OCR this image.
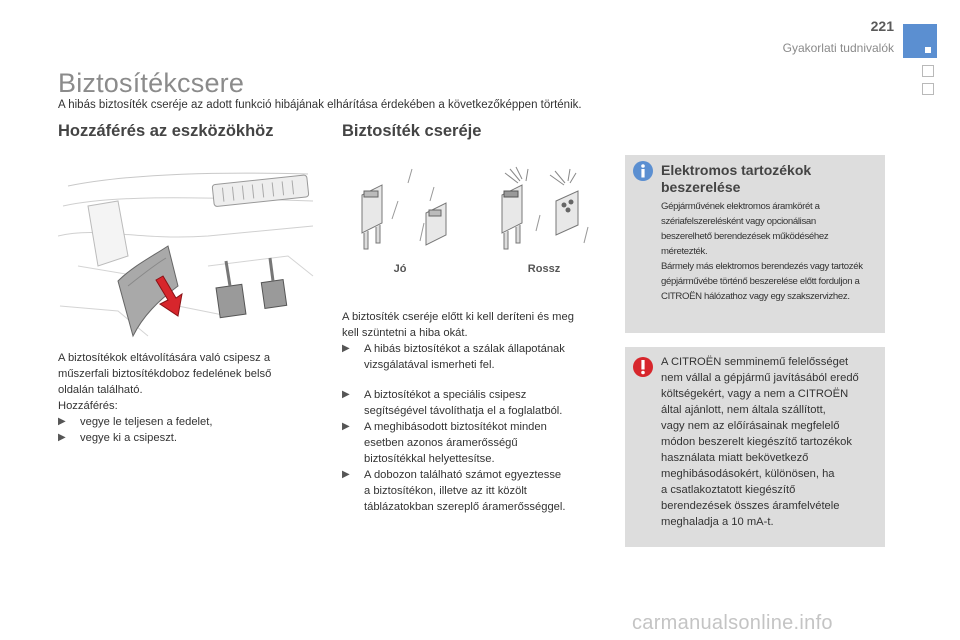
221
Gyakorlati tudnivalók
Biztosítékcsere
A hibás biztosíték cseréje az adott funkció hibájának elhárítása érdekében a következőképpen történik.
Hozzáférés az eszközökhöz
A biztosítékok eltávolítására való csipesz a
műszerfali biztosítékdoboz fedelének belső
oldalán található.
Hozzáférés:
▶ vegye le teljesen a fedelet,
▶ vegye ki a csipeszt.
Biztosíték cseréje
Jó	Rossz
A biztosíték cseréje előtt ki kell deríteni és meg
kell szüntetni a hiba okát.
▶ A hibás biztosítékot a szálak állapotának
vizsgálatával ismerheti fel.
▶ A biztosítékot a speciális csipesz
segítségével távolíthatja el a foglalatból.
▶ A meghibásodott biztosítékot minden
esetben azonos áramerősségű
biztosítékkal helyettesítse.
▶ A dobozon található számot egyeztesse
a biztosítékon, illetve az itt közölt
táblázatokban szereplő áramerősséggel.
Elektromos tartozékok
beszerelése
Gépjárművének elektromos áramkörét a
szériafelszerelésként vagy opcionálisan
beszerelhető berendezések működéséhez
méretezték.
Bármely más elektromos berendezés vagy tartozék
gépjárművébe történő beszerelése előtt forduljon a
CITROËN hálózathoz vagy egy szakszervizhez.
A CITROËN semminemű felelősséget
nem vállal a gépjármű javításából eredő
költségekért, vagy a nem a CITROËN
által ajánlott, nem általa szállított,
vagy nem az előírásainak megfelelő
módon beszerelt kiegészítő tartozékok
használata miatt bekövetkező
meghibásodásokért, különösen, ha
a csatlakoztatott kiegészítő
berendezések összes áramfelvétele
meghaladja a 10 mA-t.
carmanualsonline.info
